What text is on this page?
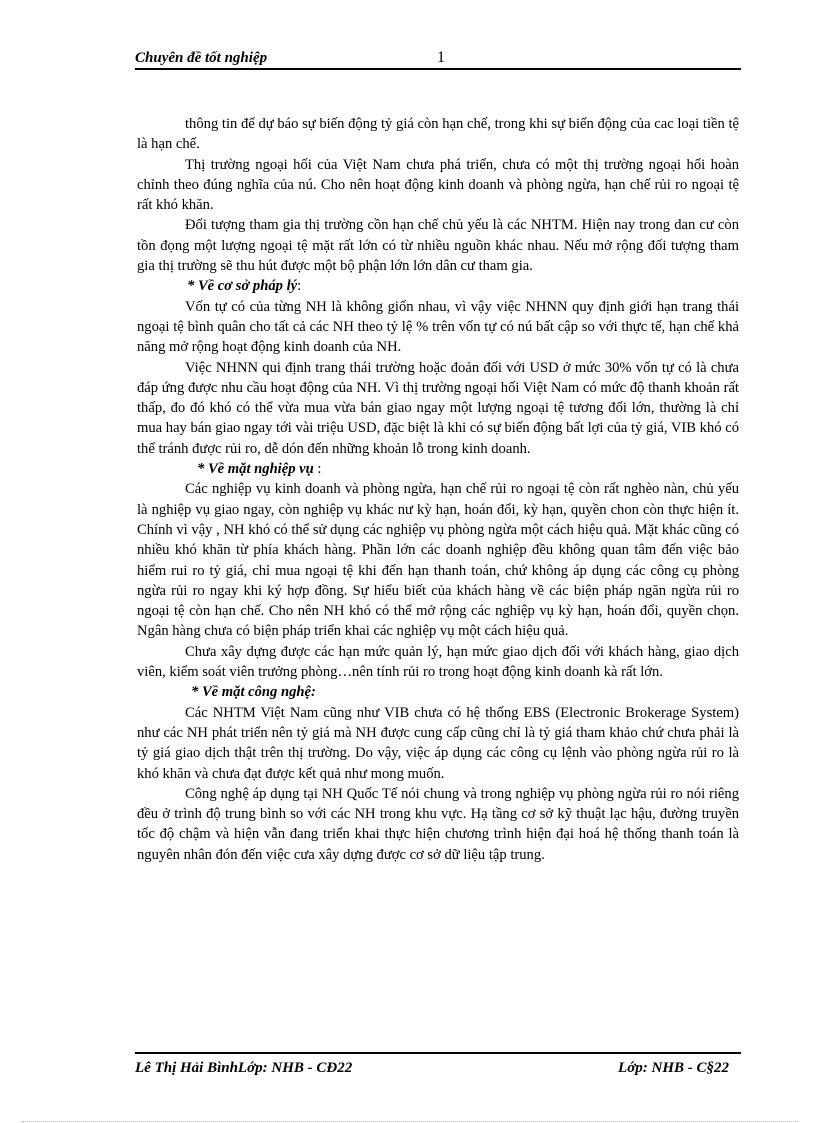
Chuyên đề tốt nghiệp	1

thông tin để dự báo sự biến động tỷ giá còn hạn chế, trong khi sự biến động của cac loại tiền tệ là hạn chế.

Thị trường ngoại hối của Việt Nam chưa phá triển, chưa có một thị trường ngoại hối hoàn chỉnh theo đúng nghĩa của nú. Cho nên hoạt động kinh doanh và phòng ngừa, hạn chế rủi ro ngoại tệ rất khó khăn.

Đối tượng tham gia thị trường cồn hạn chế chủ yếu là các NHTM. Hiện nay trong dan cư còn tồn đọng một lượng ngoại tệ mặt rất lớn có từ nhiều nguồn khác nhau. Nếu mở rộng đối tượng tham gia thị trường sẽ thu hút được một bộ phận lớn lớn dân cư tham gia.

* Về cơ sở pháp lý:

Vốn tự có của từng NH là không giốn nhau, vì vậy việc NHNN quy định giới hạn trang thái ngoại tệ bình quân cho tất cả các NH theo tỷ lệ % trên vốn tự có nú bất cập so với thực tế, hạn chế khả năng mở rộng hoạt động kinh doanh của NH.

Việc NHNN qui định trang thái trường hoặc đoản đối với USD ở mức 30% vốn tự có là chưa đáp ứng được nhu cầu hoạt động của NH. Vì thị trường ngoại hối Việt Nam có mức độ thanh khoản rất thấp, đo đó khó có thể vừa mua vừa bán giao ngay một lượng ngoại tệ tương đối lớn, thường là chỉ mua hay bán giao ngay tới vài triệu USD, đặc biệt là khi có sự biến động bất lợi của tỷ giá, VIB khó có thể tránh được rủi ro, dễ dón đến những khoản lỗ trong kinh doanh.

* Về mặt nghiệp vụ :

Các nghiệp vụ kinh doanh và phòng ngừa, hạn chế rủi ro ngoại tệ còn rất nghèo nàn, chủ yếu là nghiệp vụ giao ngay, còn nghiệp vụ khác nư kỳ hạn, hoán đổi, kỳ hạn, quyền chon còn thực hiện ít. Chính vì vậy , NH khó có thể sử dụng các nghiệp vụ phòng ngừa một cách hiệu quả. Mặt khác cũng có nhiều khó khăn từ phía khách hàng. Phần lớn các doanh nghiệp đều không quan tâm đến việc bảo hiểm rui ro tỷ giá, chỉ mua ngoại tệ khi đến hạn thanh toán, chứ không áp dụng các công cụ phòng ngừa rủi ro ngay khi ký hợp đồng. Sự hiểu biết của khách hàng về các biện pháp ngăn ngừa rủi ro ngoại tệ còn hạn chế. Cho nên NH khó có thể mở rộng các nghiệp vụ kỳ hạn, hoán đổi, quyền chọn. Ngân hàng chưa có biện pháp triển khai các nghiệp vụ một cách hiệu quả.

Chưa xây dựng được các hạn mức quản lý, hạn mức giao dịch đối với khách hàng, giao dịch viên, kiểm soát viên trưởng phòng…nên tính rủi ro trong hoạt động kinh doanh kà rất lớn.

* Về mặt công nghệ:

Các NHTM Việt Nam cũng như VIB chưa có hệ thống EBS (Electronic Brokerage System) như các NH phát triển nên tỷ giá mà NH được cung cấp cũng chỉ là tỷ giá tham khảo chứ chưa phải là tỷ giá giao dịch thật trên thị trường. Do vậy, việc áp dụng các công cụ lệnh vào phòng ngừa rủi ro là khó khăn và chưa đạt được kết quả như mong muốn.

Công nghệ áp dụng tại NH Quốc Tế nói chung và trong nghiệp vụ phòng ngừa rủi ro nói riêng đều ở trình độ trung bình so với các NH trong khu vực. Hạ tầng cơ sở kỹ thuật lạc hậu, đường truyền tốc độ chậm và hiện vẫn đang triển khai thực hiện chương trình hiện đại hoá hệ thống thanh toán là nguyên nhân đón đến việc cưa xây dựng được cơ sở dữ liệu tập trung.

Lê Thị Hải BìnhLớp: NHB - CĐ22	Lớp: NHB - C§22
